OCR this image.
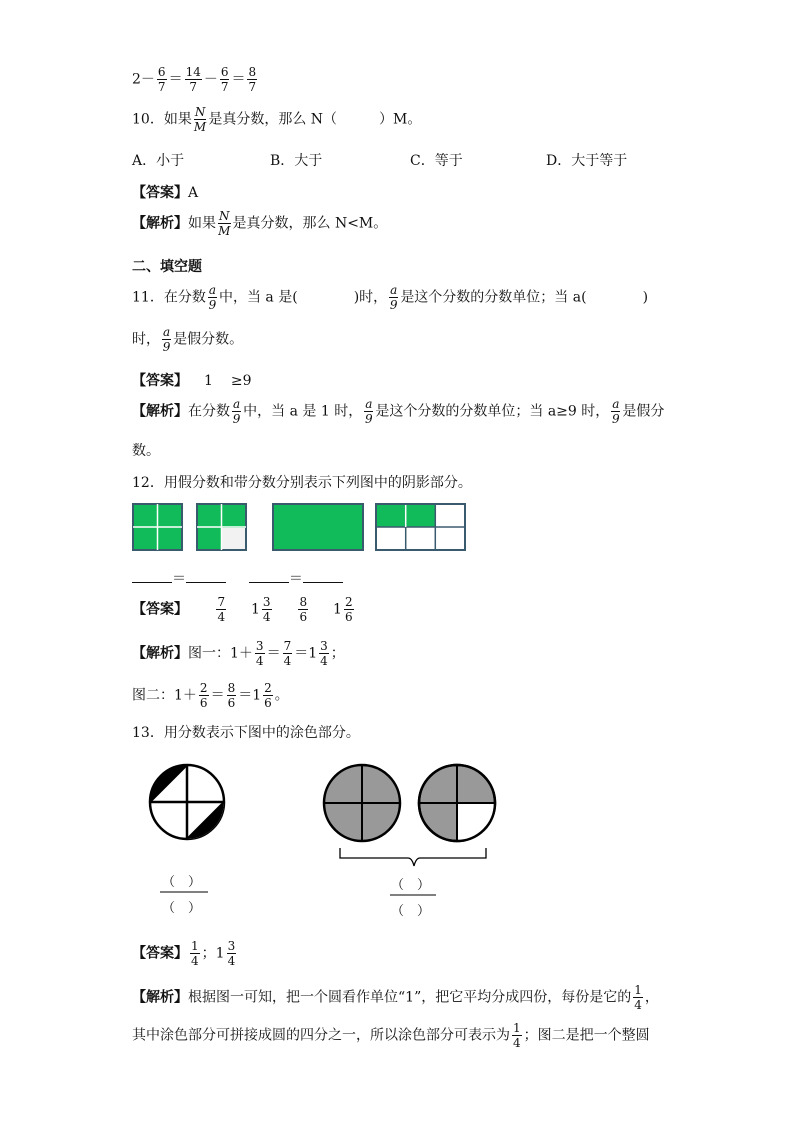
$2- \frac{6}{7} = \frac{14}{7} - \frac{6}{7} = \frac{8}{7}$
10．如果 $\frac{N}{M}$ 是真分数，那么 N（　　　）M。
A．小于	B．大于	C．等于	D．大于等于
【答案】A
【解析】如果 $\frac{N}{M}$ 是真分数，那么 N<M。
二、填空题
11．在分数 $\frac{a}{9}$ 中，当 a 是(　　　　)时， $\frac{a}{9}$ 是这个分数的分数单位；当 a(　　　　)
时， $\frac{a}{9}$ 是假分数。
【答案】 1 ≥9
【解析】在分数 $\frac{a}{9}$ 中，当 a 是 1 时， $\frac{a}{9}$ 是这个分数的分数单位；当 a≥9 时， $\frac{a}{9}$ 是假分
数。
12．用假分数和带分数分别表示下列图中的阴影部分。
＝	＝
【答案】 $\frac{7}{4} 1 \frac{3}{4}$
$\frac{8}{6} 1 \frac{2}{6}$
【解析】图一：$1+ \frac{3}{4} = \frac{7}{4} =1 \frac{3}{4}$ ；
图二：$1+ \frac{2}{6} = \frac{8}{6} =1 \frac{2}{6}$ 。
13．用分数表示下图中的涂色部分。
（　）
（　）
（　）
（　）
【答案】 $\frac{1}{4}$ ；$1 \frac{3}{4}$
【解析】根据图一可知，把一个圆看作单位“1”，把它平均分成四份，每份是它的 $\frac{1}{4}$ ，
其中涂色部分可拼接成圆的四分之一，所以涂色部分可表示为 $\frac{1}{4}$ ；图二是把一个整圆
